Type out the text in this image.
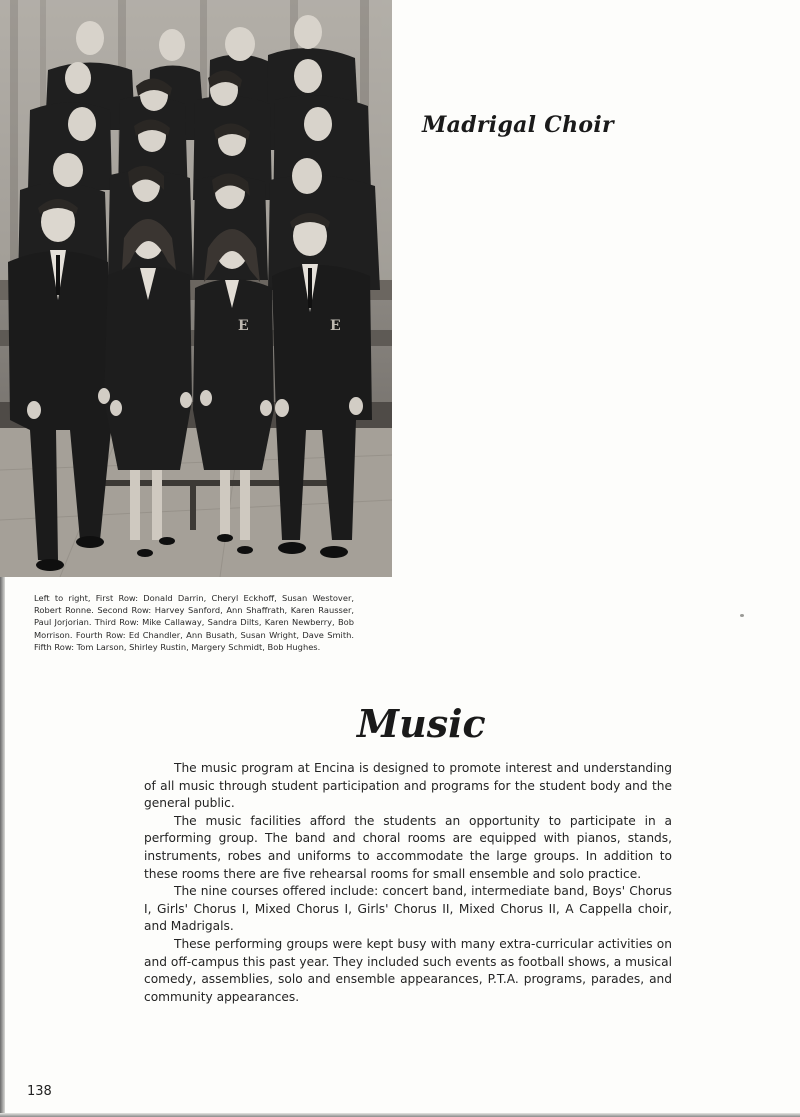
E	E
Left to right, First Row: Donald Darrin, Cheryl Eckhoff, Susan Westover, Robert Ronne. Second Row: Harvey Sanford, Ann Shaffrath, Karen Rausser, Paul Jorjorian. Third Row: Mike Callaway, Sandra Dilts, Karen Newberry, Bob Morrison. Fourth Row: Ed Chandler, Ann Busath, Susan Wright, Dave Smith. Fifth Row: Tom Larson, Shirley Rustin, Margery Schmidt, Bob Hughes.
Madrigal Choir
Music

The music program at Encina is designed to promote interest and understanding of all music through student participation and programs for the student body and the general public.

The music facilities afford the students an opportunity to participate in a performing group. The band and choral rooms are equipped with pianos, stands, instruments, robes and uniforms to accommodate the large groups. In addition to these rooms there are five rehearsal rooms for small ensemble and solo practice.

The nine courses offered include: concert band, intermediate band, Boys' Chorus I, Girls' Chorus I, Mixed Chorus I, Girls' Chorus II, Mixed Chorus II, A Cappella choir, and Madrigals.

These performing groups were kept busy with many extra-curricular activities on and off-campus this past year. They included such events as football shows, a musical comedy, assemblies, solo and ensemble appearances, P.T.A. programs, parades, and community appearances.

138
